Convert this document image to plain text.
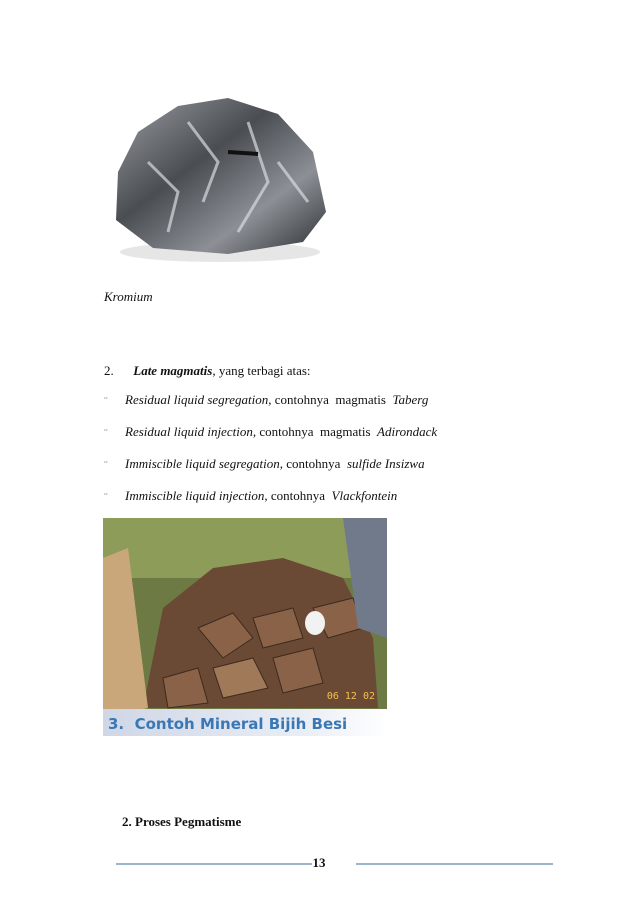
Kromium
2. Late magmatis, yang terbagi atas:
¨ Residual liquid segregation, contohnya  magmatis  Taberg
¨ Residual liquid injection, contohnya  magmatis  Adirondack
¨ Immiscible liquid segregation, contohnya  sulfide Insizwa
¨ Immiscible liquid injection, contohnya  Vlackfontein
06 12 02
3.  Contoh Mineral Bijih Besi
2. Proses Pegmatisme
13
